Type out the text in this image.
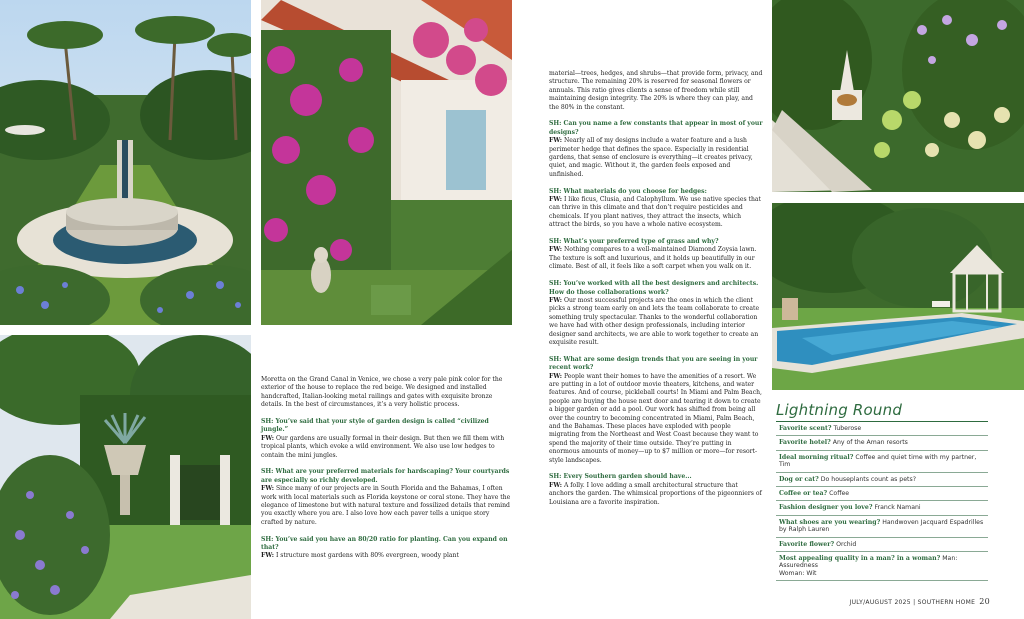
Moretta on the Grand Canal in Venice, we chose a very pale pink color for the exterior of the house to replace the red beige. We designed and installed handcrafted, Italian-looking metal railings and gates with exquisite bronze details. In the best of circumstances, it’s a very holistic process.

SH: You’ve said that your style of garden design is called “civilized jungle.”
FW: Our gardens are usually formal in their design. But then we fill them with tropical plants, which evoke a wild environment. We also use low hedges to contain the mini jungles.

SH: What are your preferred materials for hardscaping? Your courtyards are especially so richly developed.
FW: Since many of our projects are in South Florida and the Bahamas, I often work with local materials such as Florida keystone or coral stone. They have the elegance of limestone but with natural texture and fossilized details that remind you exactly where you are. I also love how each paver tells a unique story crafted by nature.

SH: You’ve said you have an 80/20 ratio for planting. Can you expand on that?
FW: I structure most gardens with 80% evergreen, woody plant

material—trees, hedges, and shrubs—that provide form, privacy, and structure. The remaining 20% is reserved for seasonal flowers or annuals. This ratio gives clients a sense of freedom while still maintaining design integrity. The 20% is where they can play, and the 80% in the constant.

SH: Can you name a few constants that appear in most of your designs?
FW: Nearly all of my designs include a water feature and a lush perimeter hedge that defines the space. Especially in residential gardens, that sense of enclosure is everything—it creates privacy, quiet, and magic. Without it, the garden feels exposed and unfinished.

SH: What materials do you choose for hedges:
FW: I like ficus, Clusia, and Calophyllum. We use native species that can thrive in this climate and that don’t require pesticides and chemicals. If you plant natives, they attract the insects, which attract the birds, so you have a whole native ecosystem.

SH: What’s your preferred type of grass and why?
FW: Nothing compares to a well-maintained Diamond Zoysia lawn. The texture is soft and luxurious, and it holds up beautifully in our climate. Best of all, it feels like a soft carpet when you walk on it.

SH: You’ve worked with all the best designers and architects. How do those collaborations work?
FW: Our most successful projects are the ones in which the client picks a strong team early on and lets the team collaborate to create something truly spectacular. Thanks to the wonderful collaboration we have had with other design professionals, including interior designer sand architects, we are able to work together to create an exquisite result.

SH: What are some design trends that you are seeing in your recent work?
FW: People want their homes to have the amenities of a resort. We are putting in a lot of outdoor movie theaters, kitchens, and water features. And of course, pickleball courts! In Miami and Palm Beach, people are buying the house next door and tearing it down to create a bigger garden or add a pool. Our work has shifted from being all over the country to becoming concentrated in Miami, Palm Beach, and the Bahamas. These places have exploded with people migrating from the Northeast and West Coast because they want to spend the majority of their time outside. They’re putting in enormous amounts of money—up to $7 million or more—for resort-style landscapes.

SH: Every Southern garden should have...
FW: A folly. I love adding a small architectural structure that anchors the garden. The whimsical proportions of the pigeonniers of Louisiana are a favorite inspiration.

Lightning Round
Favorite scent? Tuberose
Favorite hotel? Any of the Aman resorts
Ideal morning ritual? Coffee and quiet time with my partner, Tim
Dog or cat? Do houseplants count as pets?
Coffee or tea? Coffee
Fashion designer you love? Franck Namani
What shoes are you wearing? Handwoven Jacquard Espadrilles by Ralph Lauren
Favorite flower? Orchid
Most appealing quality in a man? in a woman? Man: Assuredness
Woman: Wit
JULY/AUGUST 2025 | SOUTHERN HOME 20
